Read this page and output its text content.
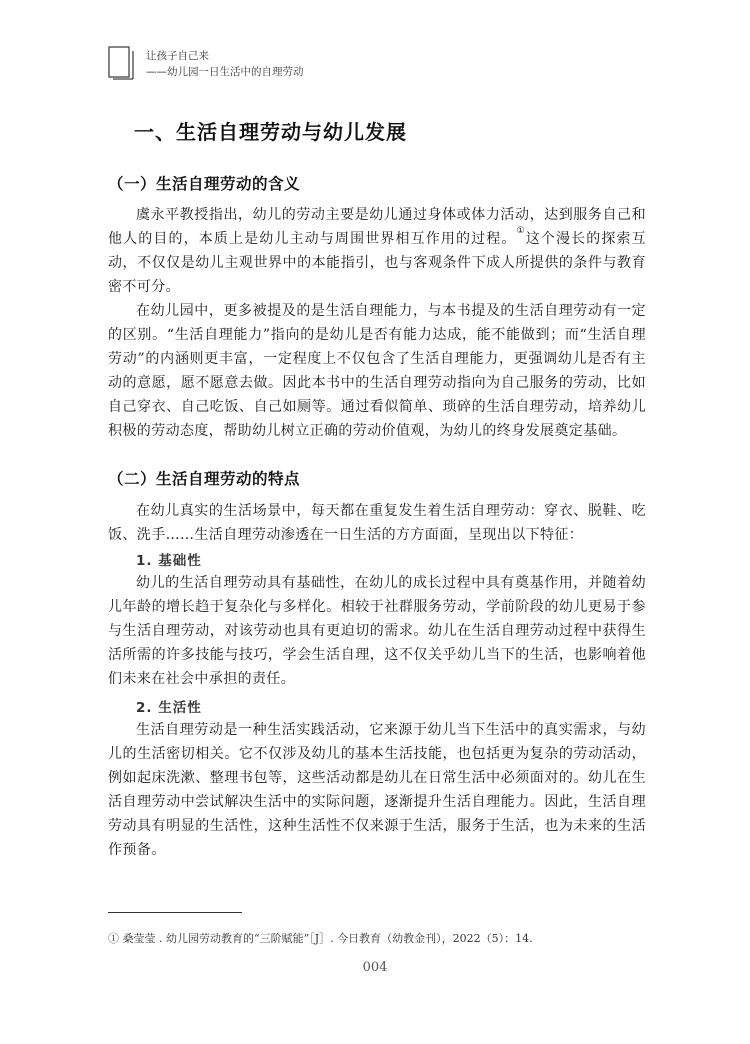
让孩子自己来
——幼儿园一日生活中的自理劳动
一、生活自理劳动与幼儿发展
（一）生活自理劳动的含义

虞永平教授指出，幼儿的劳动主要是幼儿通过身体或体力活动，达到服务自己和他人的目的，本质上是幼儿主动与周围世界相互作用的过程。①这个漫长的探索互动，不仅仅是幼儿主观世界中的本能指引，也与客观条件下成人所提供的条件与教育密不可分。

在幼儿园中，更多被提及的是生活自理能力，与本书提及的生活自理劳动有一定的区别。“生活自理能力”指向的是幼儿是否有能力达成，能不能做到；而“生活自理劳动”的内涵则更丰富，一定程度上不仅包含了生活自理能力，更强调幼儿是否有主动的意愿，愿不愿意去做。因此本书中的生活自理劳动指向为自己服务的劳动，比如自己穿衣、自己吃饭、自己如厕等。通过看似简单、琐碎的生活自理劳动，培养幼儿积极的劳动态度，帮助幼儿树立正确的劳动价值观，为幼儿的终身发展奠定基础。

（二）生活自理劳动的特点

在幼儿真实的生活场景中，每天都在重复发生着生活自理劳动：穿衣、脱鞋、吃饭、洗手……生活自理劳动渗透在一日生活的方方面面，呈现出以下特征：

1. 基础性

幼儿的生活自理劳动具有基础性，在幼儿的成长过程中具有奠基作用，并随着幼儿年龄的增长趋于复杂化与多样化。相较于社群服务劳动，学前阶段的幼儿更易于参与生活自理劳动，对该劳动也具有更迫切的需求。幼儿在生活自理劳动过程中获得生活所需的许多技能与技巧，学会生活自理，这不仅关乎幼儿当下的生活，也影响着他们未来在社会中承担的责任。

2. 生活性

生活自理劳动是一种生活实践活动，它来源于幼儿当下生活中的真实需求，与幼儿的生活密切相关。它不仅涉及幼儿的基本生活技能，也包括更为复杂的劳动活动，例如起床洗漱、整理书包等，这些活动都是幼儿在日常生活中必须面对的。幼儿在生活自理劳动中尝试解决生活中的实际问题，逐渐提升生活自理能力。因此，生活自理劳动具有明显的生活性，这种生活性不仅来源于生活，服务于生活，也为未来的生活作预备。

① 桑莹莹 . 幼儿园劳动教育的“三阶赋能”［J］. 今日教育（幼教金刊），2022（5）：14.

004
